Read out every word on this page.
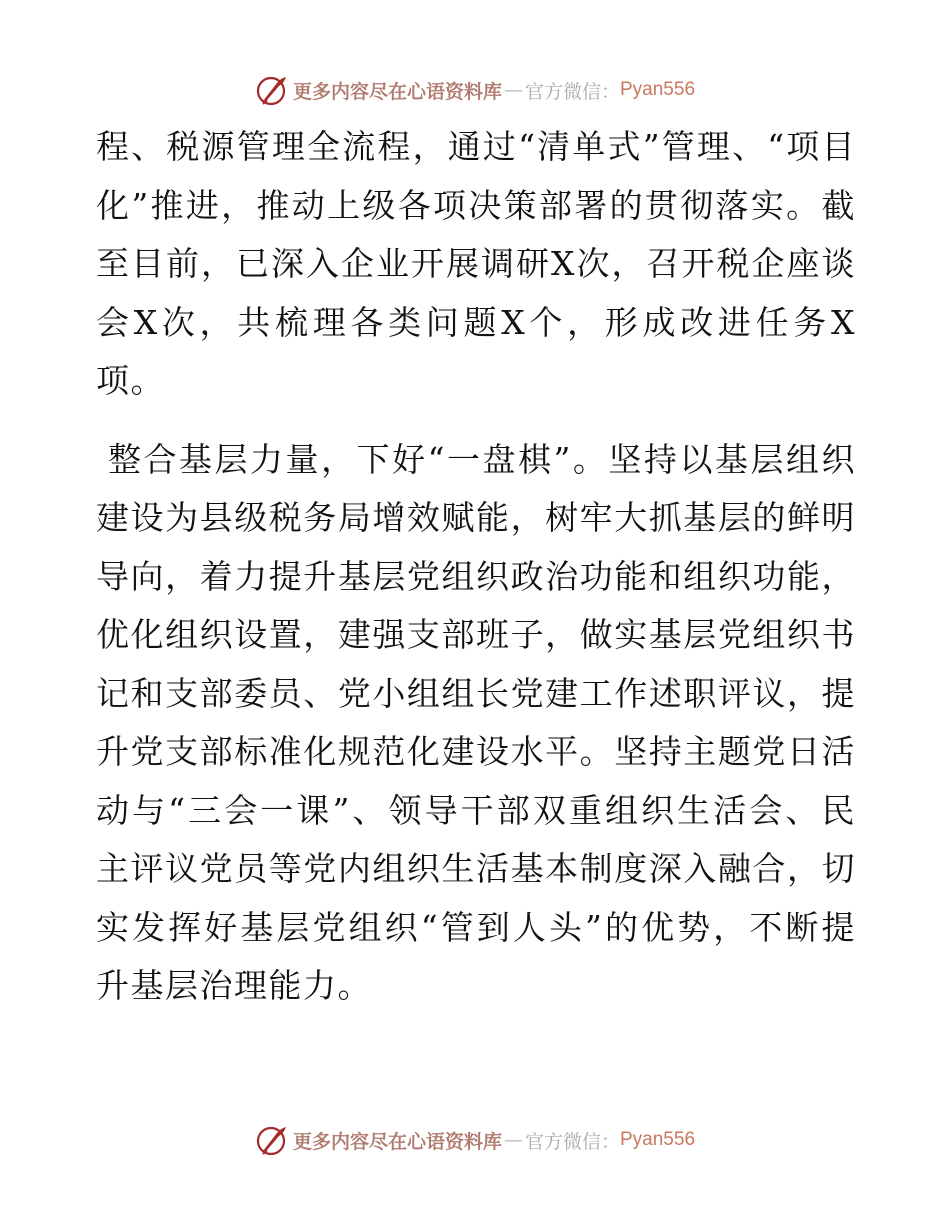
更多内容尽在心语资料库 — 官方微信： Pyan556

程、税源管理全流程，通过“清单式”管理、“项目化”推进，推动上级各项决策部署的贯彻落实。截至目前，已深入企业开展调研X次，召开税企座谈会X次，共梳理各类问题X个，形成改进任务X项。

整合基层力量，下好“一盘棋”。坚持以基层组织建设为县级税务局增效赋能，树牢大抓基层的鲜明导向，着力提升基层党组织政治功能和组织功能，优化组织设置，建强支部班子，做实基层党组织书记和支部委员、党小组组长党建工作述职评议，提升党支部标准化规范化建设水平。坚持主题党日活动与“三会一课”、领导干部双重组织生活会、民主评议党员等党内组织生活基本制度深入融合，切实发挥好基层党组织“管到人头”的优势，不断提升基层治理能力。

更多内容尽在心语资料库 — 官方微信： Pyan556
